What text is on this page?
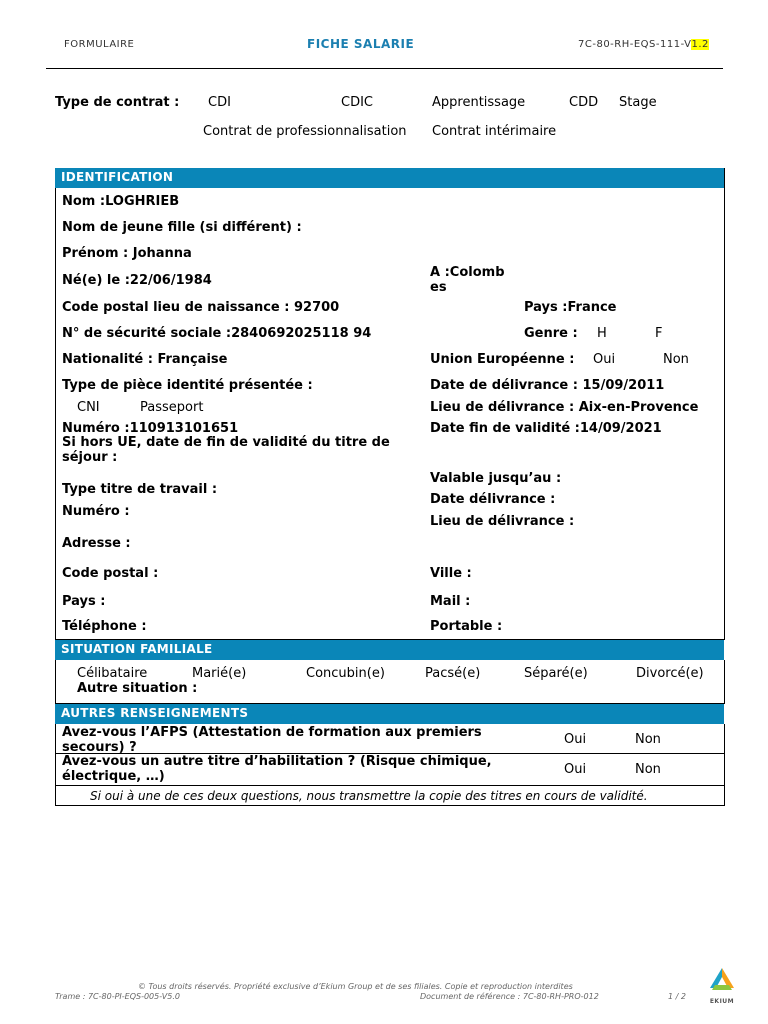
FORMULAIRE	FICHE SALARIE	7C-80-RH-EQS-111-V1.2
Type de contrat : CDI	CDIC	Apprentissage	CDD Stage
Contrat de professionnalisation Contrat intérimaire
IDENTIFICATION
Nom :LOGHRIEB
Nom de jeune fille (si différent) :
Prénom : Johanna
Né(e) le :22/06/1984
A :Colomb
es
Code postal lieu de naissance : 92700	Pays :France
N° de sécurité sociale :2840692025118 94	Genre : H	F
Nationalité : Française	Union Européenne : Oui	Non
Type de pièce identité présentée :	Date de délivrance : 15/09/2011
CNI	Passeport	Lieu de délivrance : Aix-en-Provence
Numéro :110913101651	Date fin de validité :14/09/2021
Si hors UE, date de fin de validité du titre de
séjour :
Valable jusqu’au :
Type titre de travail :
Date délivrance :
Numéro :
Lieu de délivrance :
Adresse :
Code postal :	Ville :
Pays :	Mail :
Téléphone :	Portable :
SITUATION FAMILIALE
Célibataire	Marié(e)	Concubin(e)	Pacsé(e)	Séparé(e)	Divorcé(e)
Autre situation :
AUTRES RENSEIGNEMENTS
Avez-vous l’AFPS (Attestation de formation aux premiers
secours) ?
Oui	Non
Avez-vous un autre titre d’habilitation ? (Risque chimique,
électrique, …)	Oui	Non
Si oui à une de ces deux questions, nous transmettre la copie des titres en cours de validité.
© Tous droits réservés. Propriété exclusive d’Ekium Group et de ses filiales. Copie et reproduction interdites
Trame : 7C-80-PI-EQS-005-V5.0	Document de référence : 7C-80-RH-PRO-012	1 / 2
EKIUM
